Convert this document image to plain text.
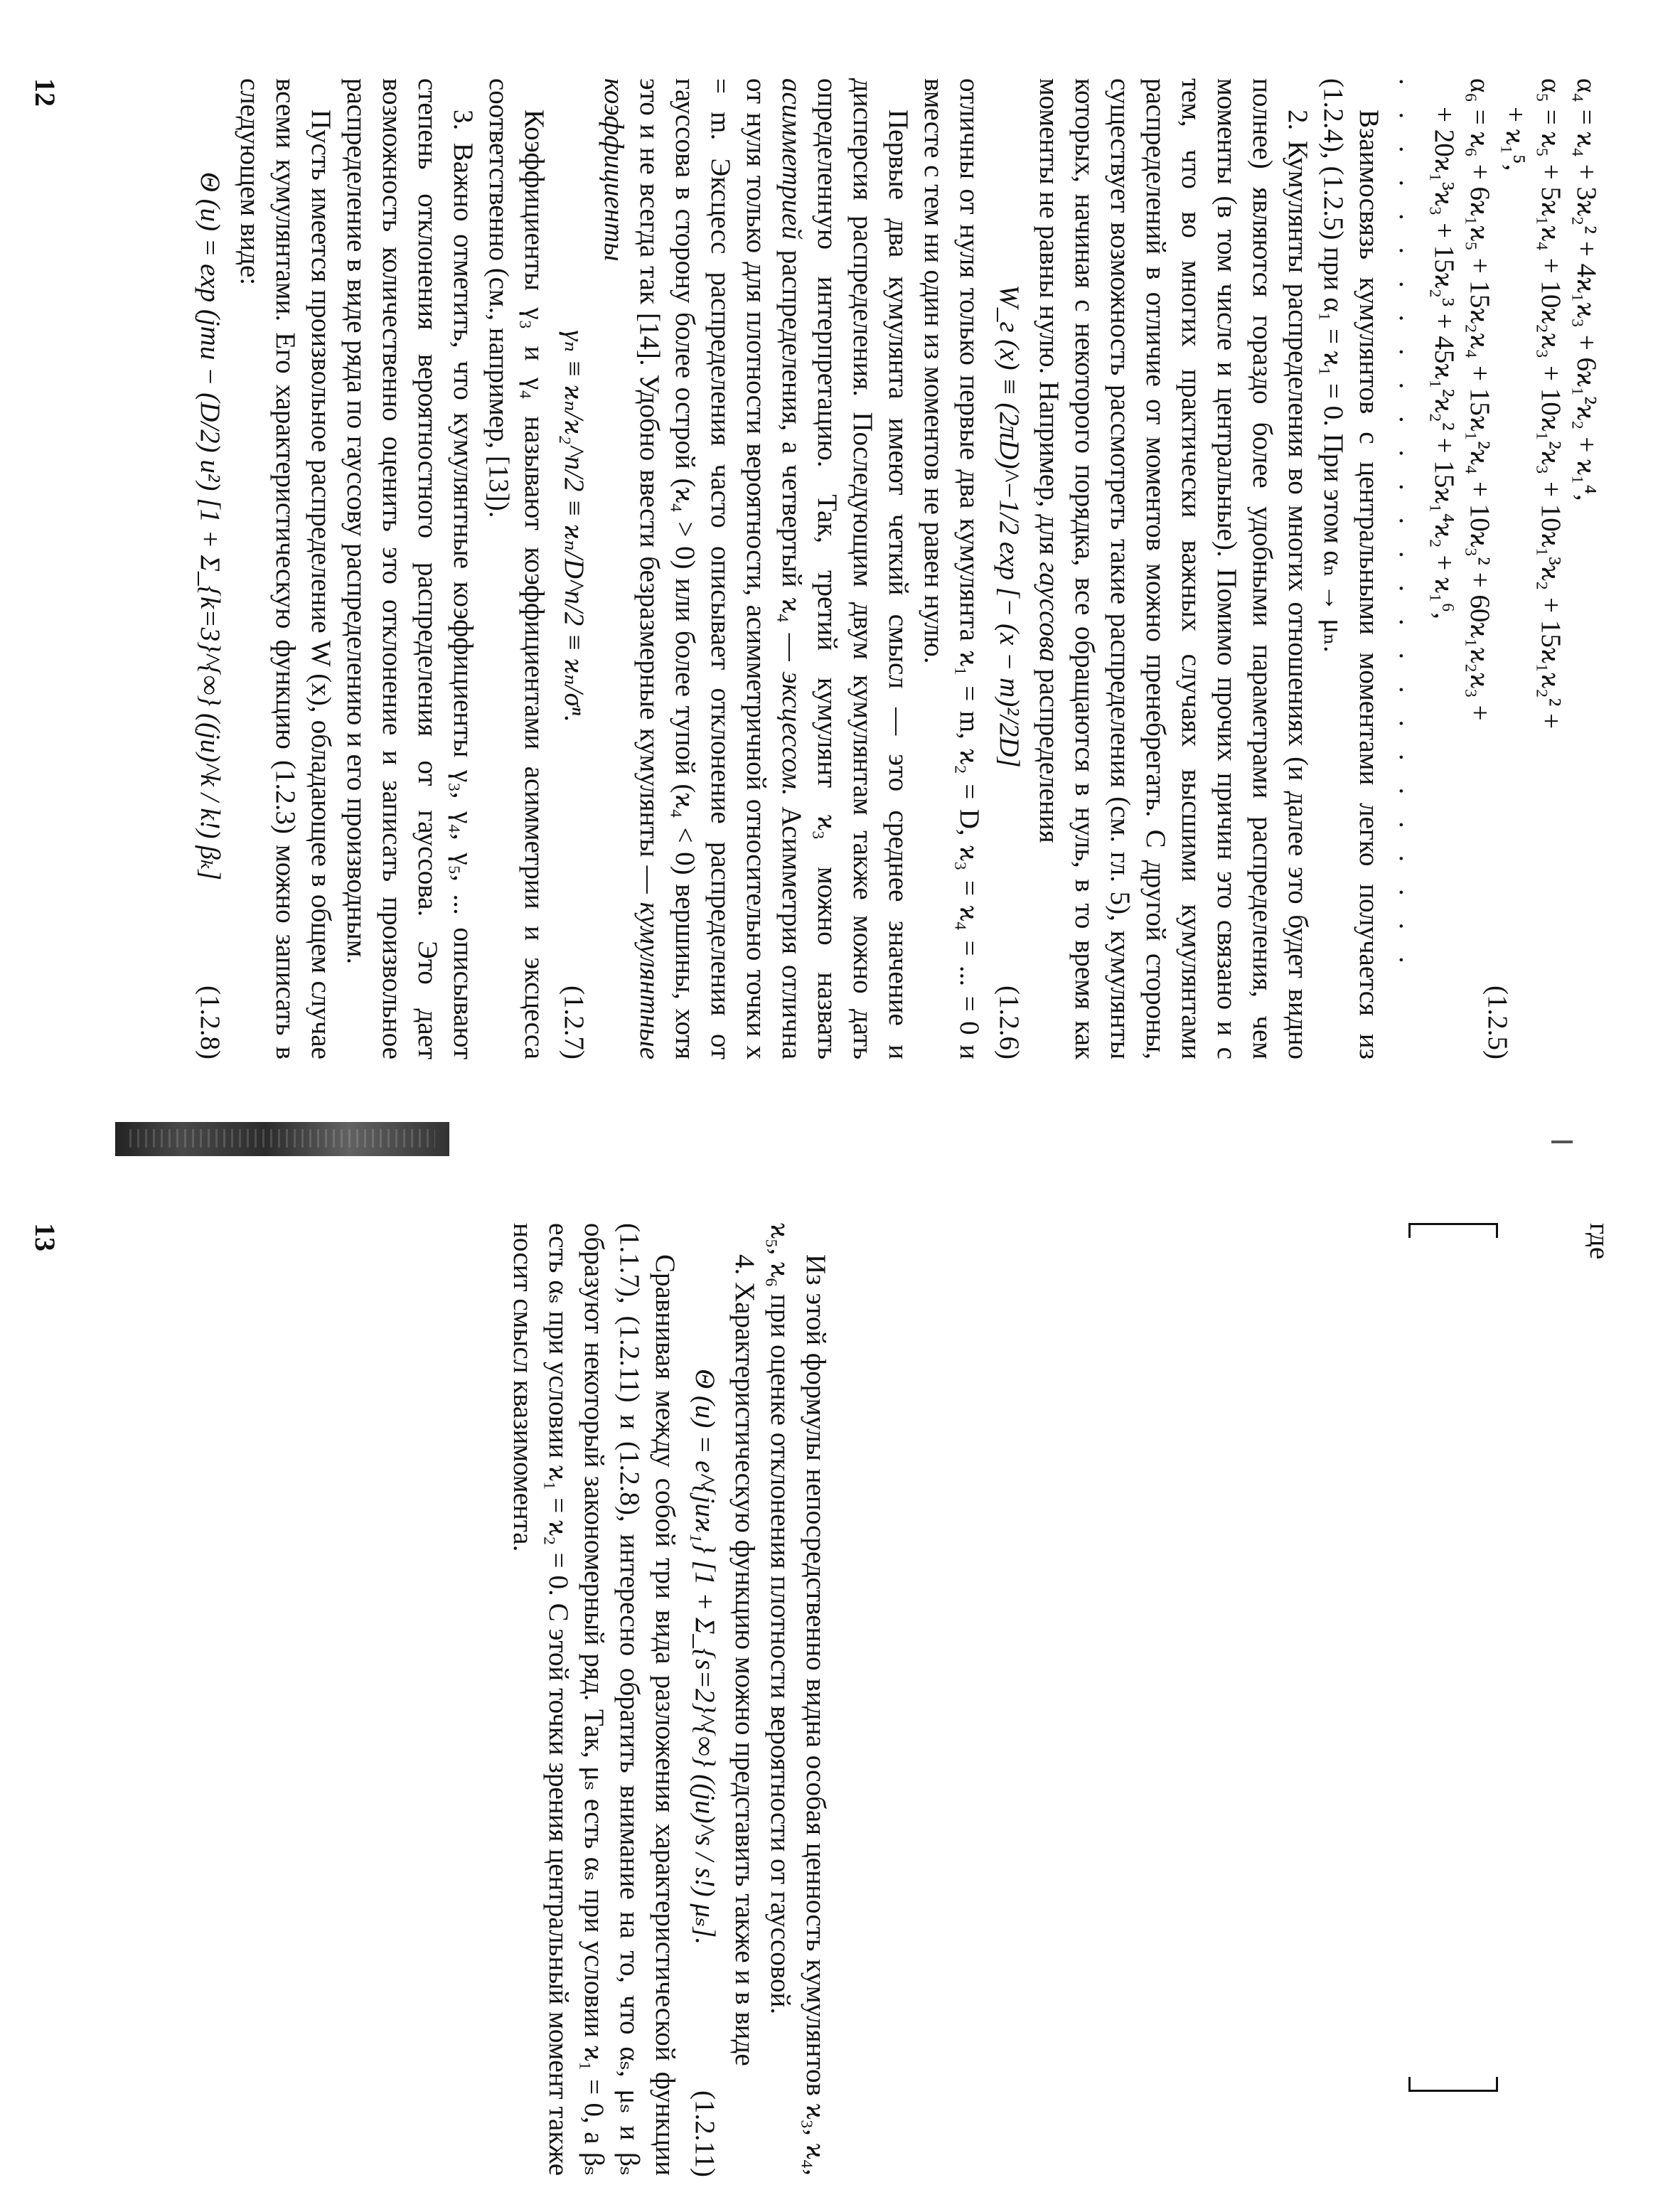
α₄ = ϰ₄ + 3ϰ₂² + 4ϰ₁ϰ₃ + 6ϰ₁²ϰ₂ + ϰ₁⁴,

α₅ = ϰ₅ + 5ϰ₁ϰ₄ + 10ϰ₂ϰ₃ + 10ϰ₁²ϰ₃ + 10ϰ₁³ϰ₂ + 15ϰ₁ϰ₂² +

+ ϰ₁⁵,

α₆ = ϰ₆ + 6ϰ₁ϰ₅ + 15ϰ₂ϰ₄ + 15ϰ₁²ϰ₄ + 10ϰ₃² + 60ϰ₁ϰ₂ϰ₃ +

+ 20ϰ₁³ϰ₃ + 15ϰ₂³ + 45ϰ₁²ϰ₂² + 15ϰ₁⁴ϰ₂ + ϰ₁⁶,

. . . . . . . . . . . . . . . . . . . . . . . . . . .

(1.2.5)

Взаимосвязь кумулянтов с центральными моментами легко получается из (1.2.4), (1.2.5) при α₁ = ϰ₁ = 0. При этом αₙ → μₙ.

2. Кумулянты распределения во многих отношениях (и далее это будет видно полнее) являются гораздо более удобными параметрами распределения, чем моменты (в том числе и центральные). Помимо прочих причин это связано и с тем, что во многих практически важных случаях высшими кумулянтами распределений в отличие от моментов можно пренебрегать. С другой стороны, существует возможность рассмотреть такие распределения (см. гл. 5), кумулянты которых, начиная с некоторого порядка, все обращаются в нуль, в то время как моменты не равны нулю. Например, для гауссова распределения

W_г (x) ≡ (2πD)^−1/2 exp [− (x − m)²/2D]
(1.2.6)

отличны от нуля только первые два кумулянта ϰ₁ = m, ϰ₂ = D, ϰ₃ = ϰ₄ = ... = 0 и вместе с тем ни один из моментов не равен нулю.

Первые два кумулянта имеют четкий смысл — это среднее значение и дисперсия распределения. Последующим двум кумулянтам также можно дать определенную интерпретацию. Так, третий кумулянт ϰ₃ можно назвать асимметрией распределения, а четвертый ϰ₄ — эксцессом. Асимметрия отлична от нуля только для плотности вероятности, асимметричной относительно точки x = m. Эксцесс распределения часто описывает отклонение распределения от гауссова в сторону более острой (ϰ₄ > 0) или более тупой (ϰ₄ < 0) вершины, хотя это и не всегда так [14]. Удобно ввести безразмерные кумулянты — кумулянтные коэффициенты

γₙ ≡ ϰₙ/ϰ₂^n/2 ≡ ϰₙ/D^n/2 ≡ ϰₙ/σⁿ.
(1.2.7)

Коэффициенты γ₃ и γ₄ называют коэффициентами асимметрии и эксцесса соответственно (см., например, [13]).

3. Важно отметить, что кумулянтные коэффициенты γ₃, γ₄, γ₅, ... описывают степень отклонения вероятностного распределения от гауссова. Это дает возможность количественно оценить это отклонение и записать произвольное распределение в виде ряда по гауссову распределению и его производным.

Пусть имеется произвольное распределение W (x), обладающее в общем случае всеми кумулянтами. Его характеристическую функцию (1.2.3) можно записать в следующем виде:

Θ (u) = exp (jmu − (D/2) u²) [1 + Σ_{k=3}^{∞} ((ju)^k / k!) βₖ]
(1.2.8)
12

где

Из этой формулы непосредственно видна особая ценность кумулянтов ϰ₃, ϰ₄, ϰ₅, ϰ₆ при оценке отклонения плотности вероятности от гауссовой.

4. Характеристическую функцию можно представить также и в виде

Θ (u) = e^{juϰ₁} [1 + Σ_{s=2}^{∞} ((ju)^s / s!) μₛ].
(1.2.11)

Сравнивая между собой три вида разложения характеристической функции (1.1.7), (1.2.11) и (1.2.8), интересно обратить внимание на то, что αₛ, μₛ и βₛ образуют некоторый закономерный ряд. Так, μₛ есть αₛ при условии ϰ₁ = 0, а βₛ есть αₛ при условии ϰ₁ = ϰ₂ = 0. С этой точки зрения центральный момент также носит смысл квазимомента.

13
